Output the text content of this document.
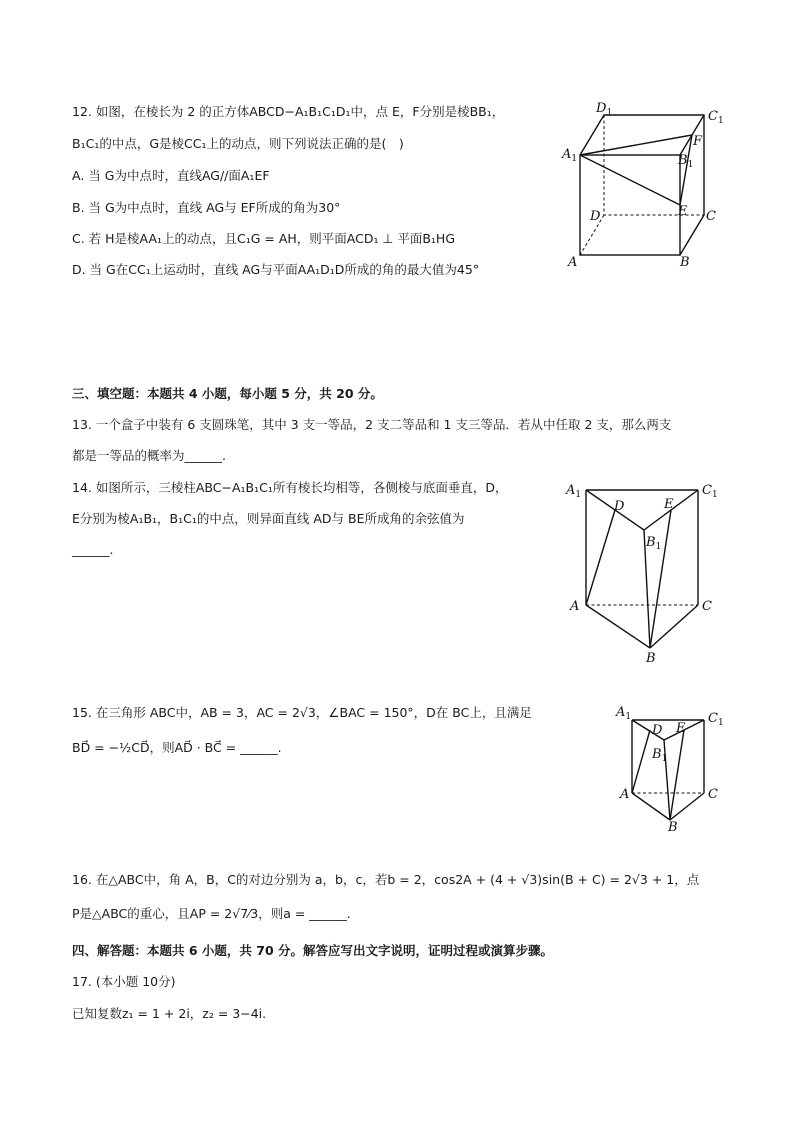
12. 如图，在棱长为 2 的正方体ABCD−A₁B₁C₁D₁中，点 E，F分别是棱BB₁，
B₁C₁的中点，G是棱CC₁上的动点，则下列说法正确的是(　)
A. 当 G为中点时，直线AG//面A₁EF
B. 当 G为中点时，直线 AG与 EF所成的角为30°
C. 若 H是棱AA₁上的动点，且C₁G = AH，则平面ACD₁ ⊥ 平面B₁HG
D. 当 G在CC₁上运动时，直线 AG与平面AA₁D₁D所成的角的最大值为45°
$D_1$	$C_1$
$A_1$	$B_1$
F
D	E C
A	B
三、填空题：本题共 4 小题，每小题 5 分，共 20 分。
13. 一个盒子中装有 6 支圆珠笔，其中 3 支一等品，2 支二等品和 1 支三等品．若从中任取 2 支，那么两支
都是一等品的概率为______.
14. 如图所示，三棱柱ABC−A₁B₁C₁所有棱长均相等，各侧棱与底面垂直，D，
E分别为棱A₁B₁，B₁C₁的中点，则异面直线 AD与 BE所成角的余弦值为
______.
$A_1$	$C_1$
D	E
$B_1$
A	C
B
15. 在三角形 ABC中，AB = 3，AC = 2√3，∠BAC = 150°，D在 BC上，且满足
BD⃗ = −½CD⃗，则AD⃗ · BC⃗ = ______.
$A_1$	$C_1$
D E
$B_1$
A	C
B
16. 在△ABC中，角 A，B，C的对边分别为 a，b，c，若b = 2，cos2A + (4 + √3)sin(B + C) = 2√3 + 1，点
P是△ABC的重心，且AP = 2√7⁄3，则a = ______.
四、解答题：本题共 6 小题，共 70 分。解答应写出文字说明，证明过程或演算步骤。
17. (本小题 10分)
已知复数z₁ = 1 + 2i，z₂ = 3−4i.
